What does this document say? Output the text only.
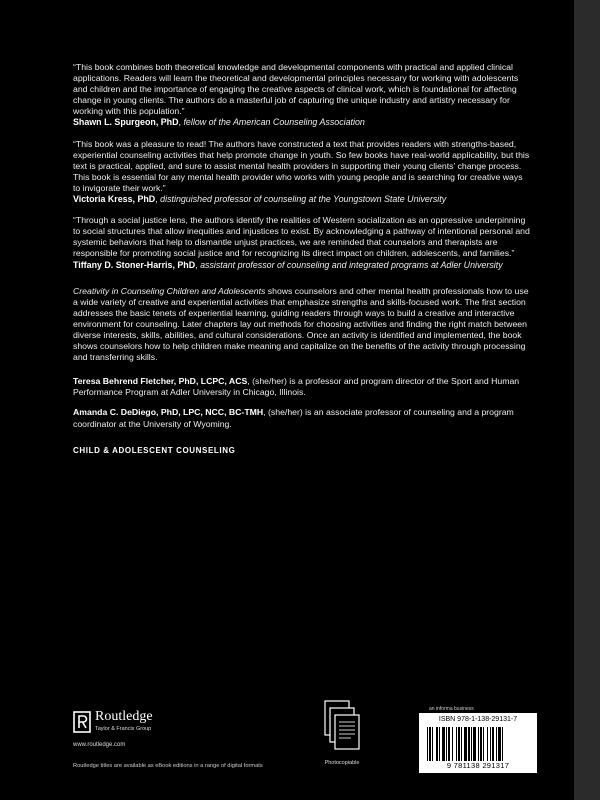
“This book combines both theoretical knowledge and developmental components with practical and applied clinical applications. Readers will learn the theoretical and developmental principles necessary for working with adolescents and children and the importance of engaging the creative aspects of clinical work, which is foundational for affecting change in young clients. The authors do a masterful job of capturing the unique industry and artistry necessary for working with this population.”
Shawn L. Spurgeon, PhD, fellow of the American Counseling Association
“This book was a pleasure to read! The authors have constructed a text that provides readers with strengths-based, experiential counseling activities that help promote change in youth. So few books have real-world applicability, but this text is practical, applied, and sure to assist mental health providers in supporting their young clients’ change process. This book is essential for any mental health provider who works with young people and is searching for creative ways to invigorate their work.”
Victoria Kress, PhD, distinguished professor of counseling at the Youngstown State University
“Through a social justice lens, the authors identify the realities of Western socialization as an oppressive underpinning to social structures that allow inequities and injustices to exist. By acknowledging a pathway of intentional personal and systemic behaviors that help to dismantle unjust practices, we are reminded that counselors and therapists are responsible for promoting social justice and for recognizing its direct impact on children, adolescents, and families.”
Tiffany D. Stoner-Harris, PhD, assistant professor of counseling and integrated programs at Adler University

Creativity in Counseling Children and Adolescents shows counselors and other mental health professionals how to use a wide variety of creative and experiential activities that emphasize strengths and skills-focused work. The first section addresses the basic tenets of experiential learning, guiding readers through ways to build a creative and interactive environment for counseling. Later chapters lay out methods for choosing activities and finding the right match between diverse interests, skills, abilities, and cultural considerations. Once an activity is identified and implemented, the book shows counselors how to help children make meaning and capitalize on the benefits of the activity through processing and transferring skills.

Teresa Behrend Fletcher, PhD, LCPC, ACS, (she/her) is a professor and program director of the Sport and Human Performance Program at Adler University in Chicago, Illinois.

Amanda C. DeDiego, PhD, LPC, NCC, BC-TMH, (she/her) is an associate professor of counseling and a program coordinator at the University of Wyoming.

CHILD & ADOLESCENT COUNSELING
Routledge
Taylor & Francis Group
www.routledge.com
Routledge titles are available as eBook editions in a range of digital formats	Photocopiable
an informa business
ISBN 978-1-138-29131-7
9 781138 291317
